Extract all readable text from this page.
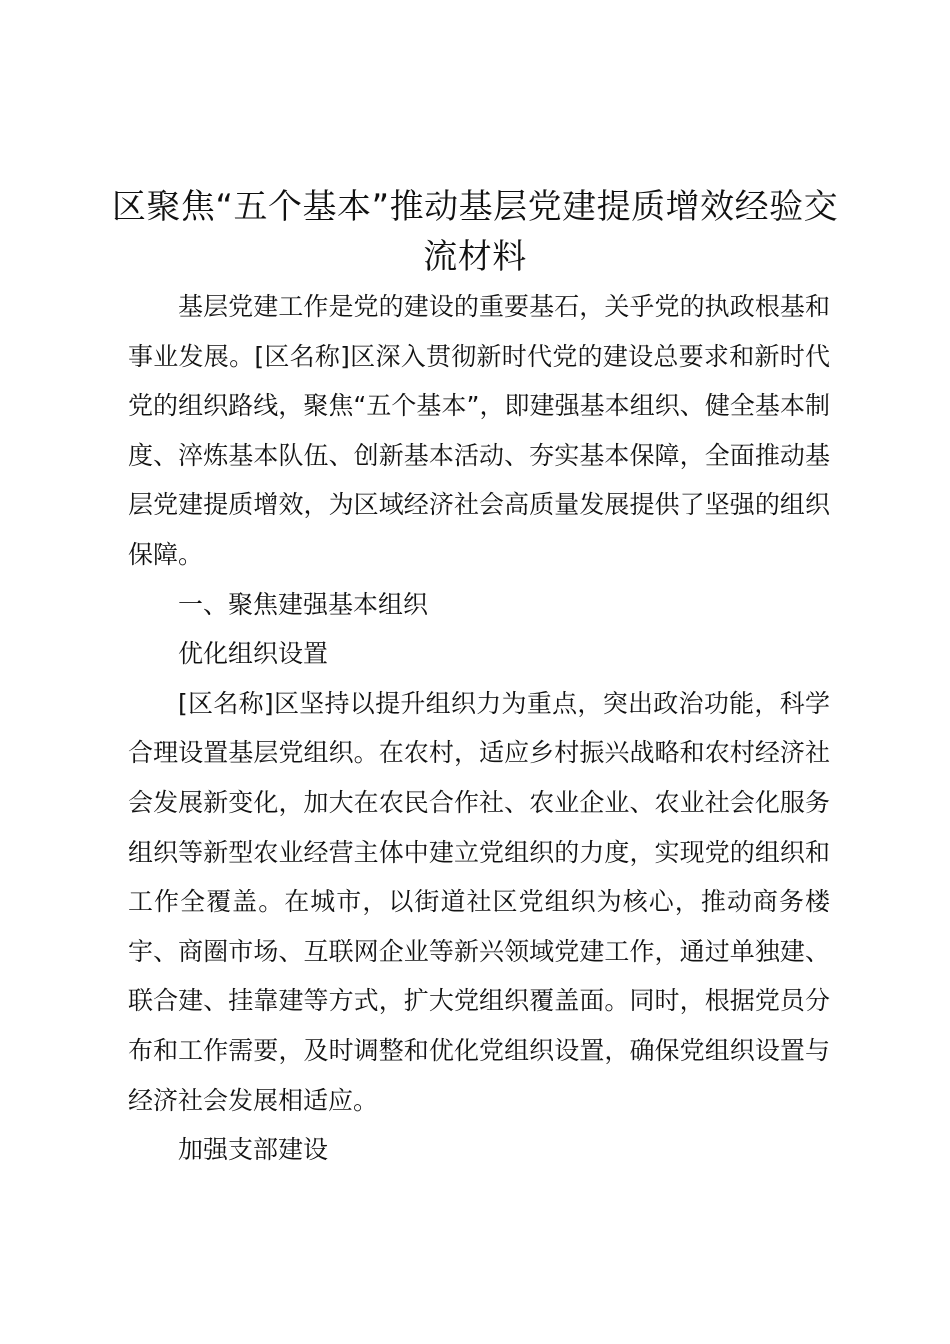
区聚焦“五个基本”推动基层党建提质增效经验交流材料

基层党建工作是党的建设的重要基石，关乎党的执政根基和事业发展。[区名称]区深入贯彻新时代党的建设总要求和新时代党的组织路线，聚焦“五个基本”，即建强基本组织、健全基本制度、淬炼基本队伍、创新基本活动、夯实基本保障，全面推动基层党建提质增效，为区域经济社会高质量发展提供了坚强的组织保障。

一、聚焦建强基本组织

优化组织设置

[区名称]区坚持以提升组织力为重点，突出政治功能，科学合理设置基层党组织。在农村，适应乡村振兴战略和农村经济社会发展新变化，加大在农民合作社、农业企业、农业社会化服务组织等新型农业经营主体中建立党组织的力度，实现党的组织和工作全覆盖。在城市，以街道社区党组织为核心，推动商务楼宇、商圈市场、互联网企业等新兴领域党建工作，通过单独建、联合建、挂靠建等方式，扩大党组织覆盖面。同时，根据党员分布和工作需要，及时调整和优化党组织设置，确保党组织设置与经济社会发展相适应。

加强支部建设
